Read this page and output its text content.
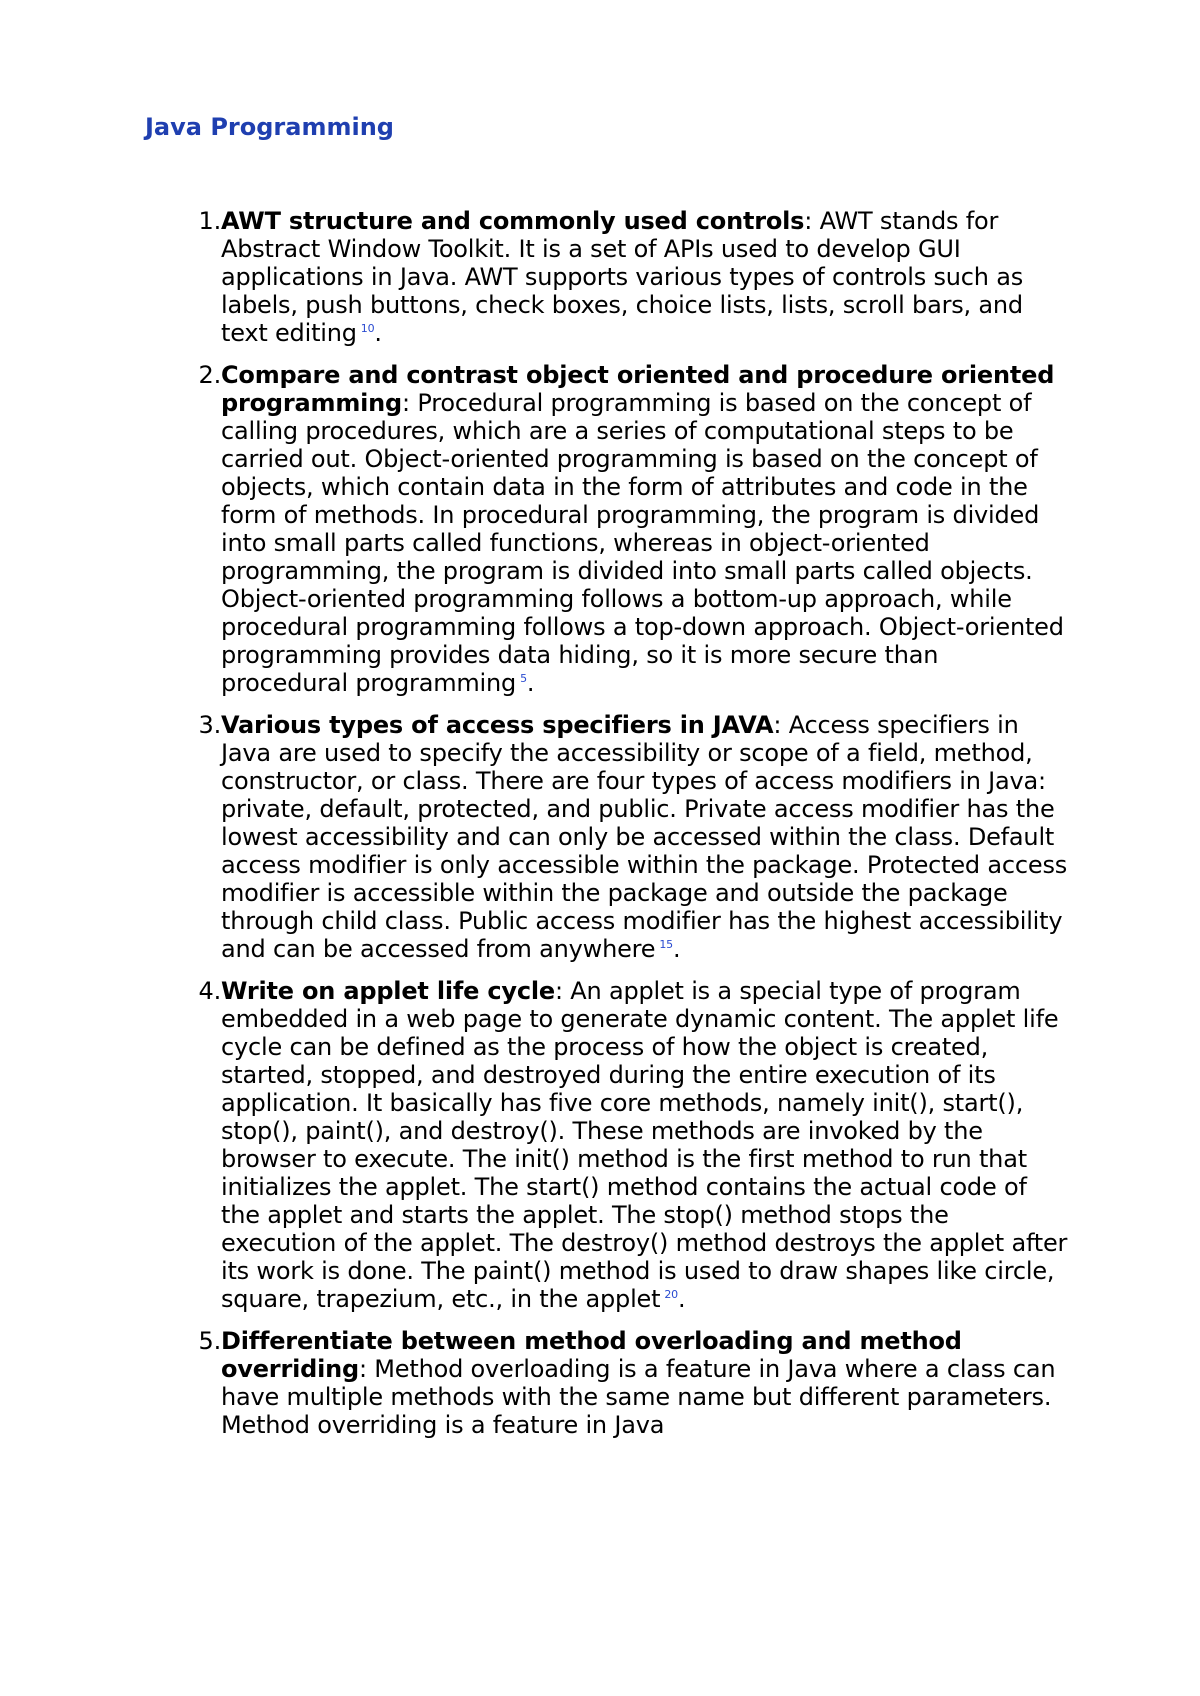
Java Programming
1. AWT structure and commonly used controls: AWT stands for Abstract Window Toolkit. It is a set of APIs used to develop GUI applications in Java. AWT supports various types of controls such as labels, push buttons, check boxes, choice lists, lists, scroll bars, and text editing $^{10}$.
2. Compare and contrast object oriented and procedure oriented programming: Procedural programming is based on the concept of calling procedures, which are a series of computational steps to be carried out. Object-oriented programming is based on the concept of objects, which contain data in the form of attributes and code in the form of methods. In procedural programming, the program is divided into small parts called functions, whereas in object-oriented programming, the program is divided into small parts called objects. Object-oriented programming follows a bottom-up approach, while procedural programming follows a top-down approach. Object-oriented programming provides data hiding, so it is more secure than procedural programming $^5$.
3. Various types of access specifiers in JAVA: Access specifiers in Java are used to specify the accessibility or scope of a field, method, constructor, or class. There are four types of access modifiers in Java: private, default, protected, and public. Private access modifier has the lowest accessibility and can only be accessed within the class. Default access modifier is only accessible within the package. Protected access modifier is accessible within the package and outside the package through child class. Public access modifier has the highest accessibility and can be accessed from anywhere $^{15}$.
4. Write on applet life cycle: An applet is a special type of program embedded in a web page to generate dynamic content. The applet life cycle can be defined as the process of how the object is created, started, stopped, and destroyed during the entire execution of its application. It basically has five core methods, namely init(), start(), stop(), paint(), and destroy(). These methods are invoked by the browser to execute. The init() method is the first method to run that initializes the applet. The start() method contains the actual code of the applet and starts the applet. The stop() method stops the execution of the applet. The destroy() method destroys the applet after its work is done. The paint() method is used to draw shapes like circle, square, trapezium, etc., in the applet $^{20}$.
5. Differentiate between method overloading and method overriding: Method overloading is a feature in Java where a class can have multiple methods with the same name but different parameters. Method overriding is a feature in Java
